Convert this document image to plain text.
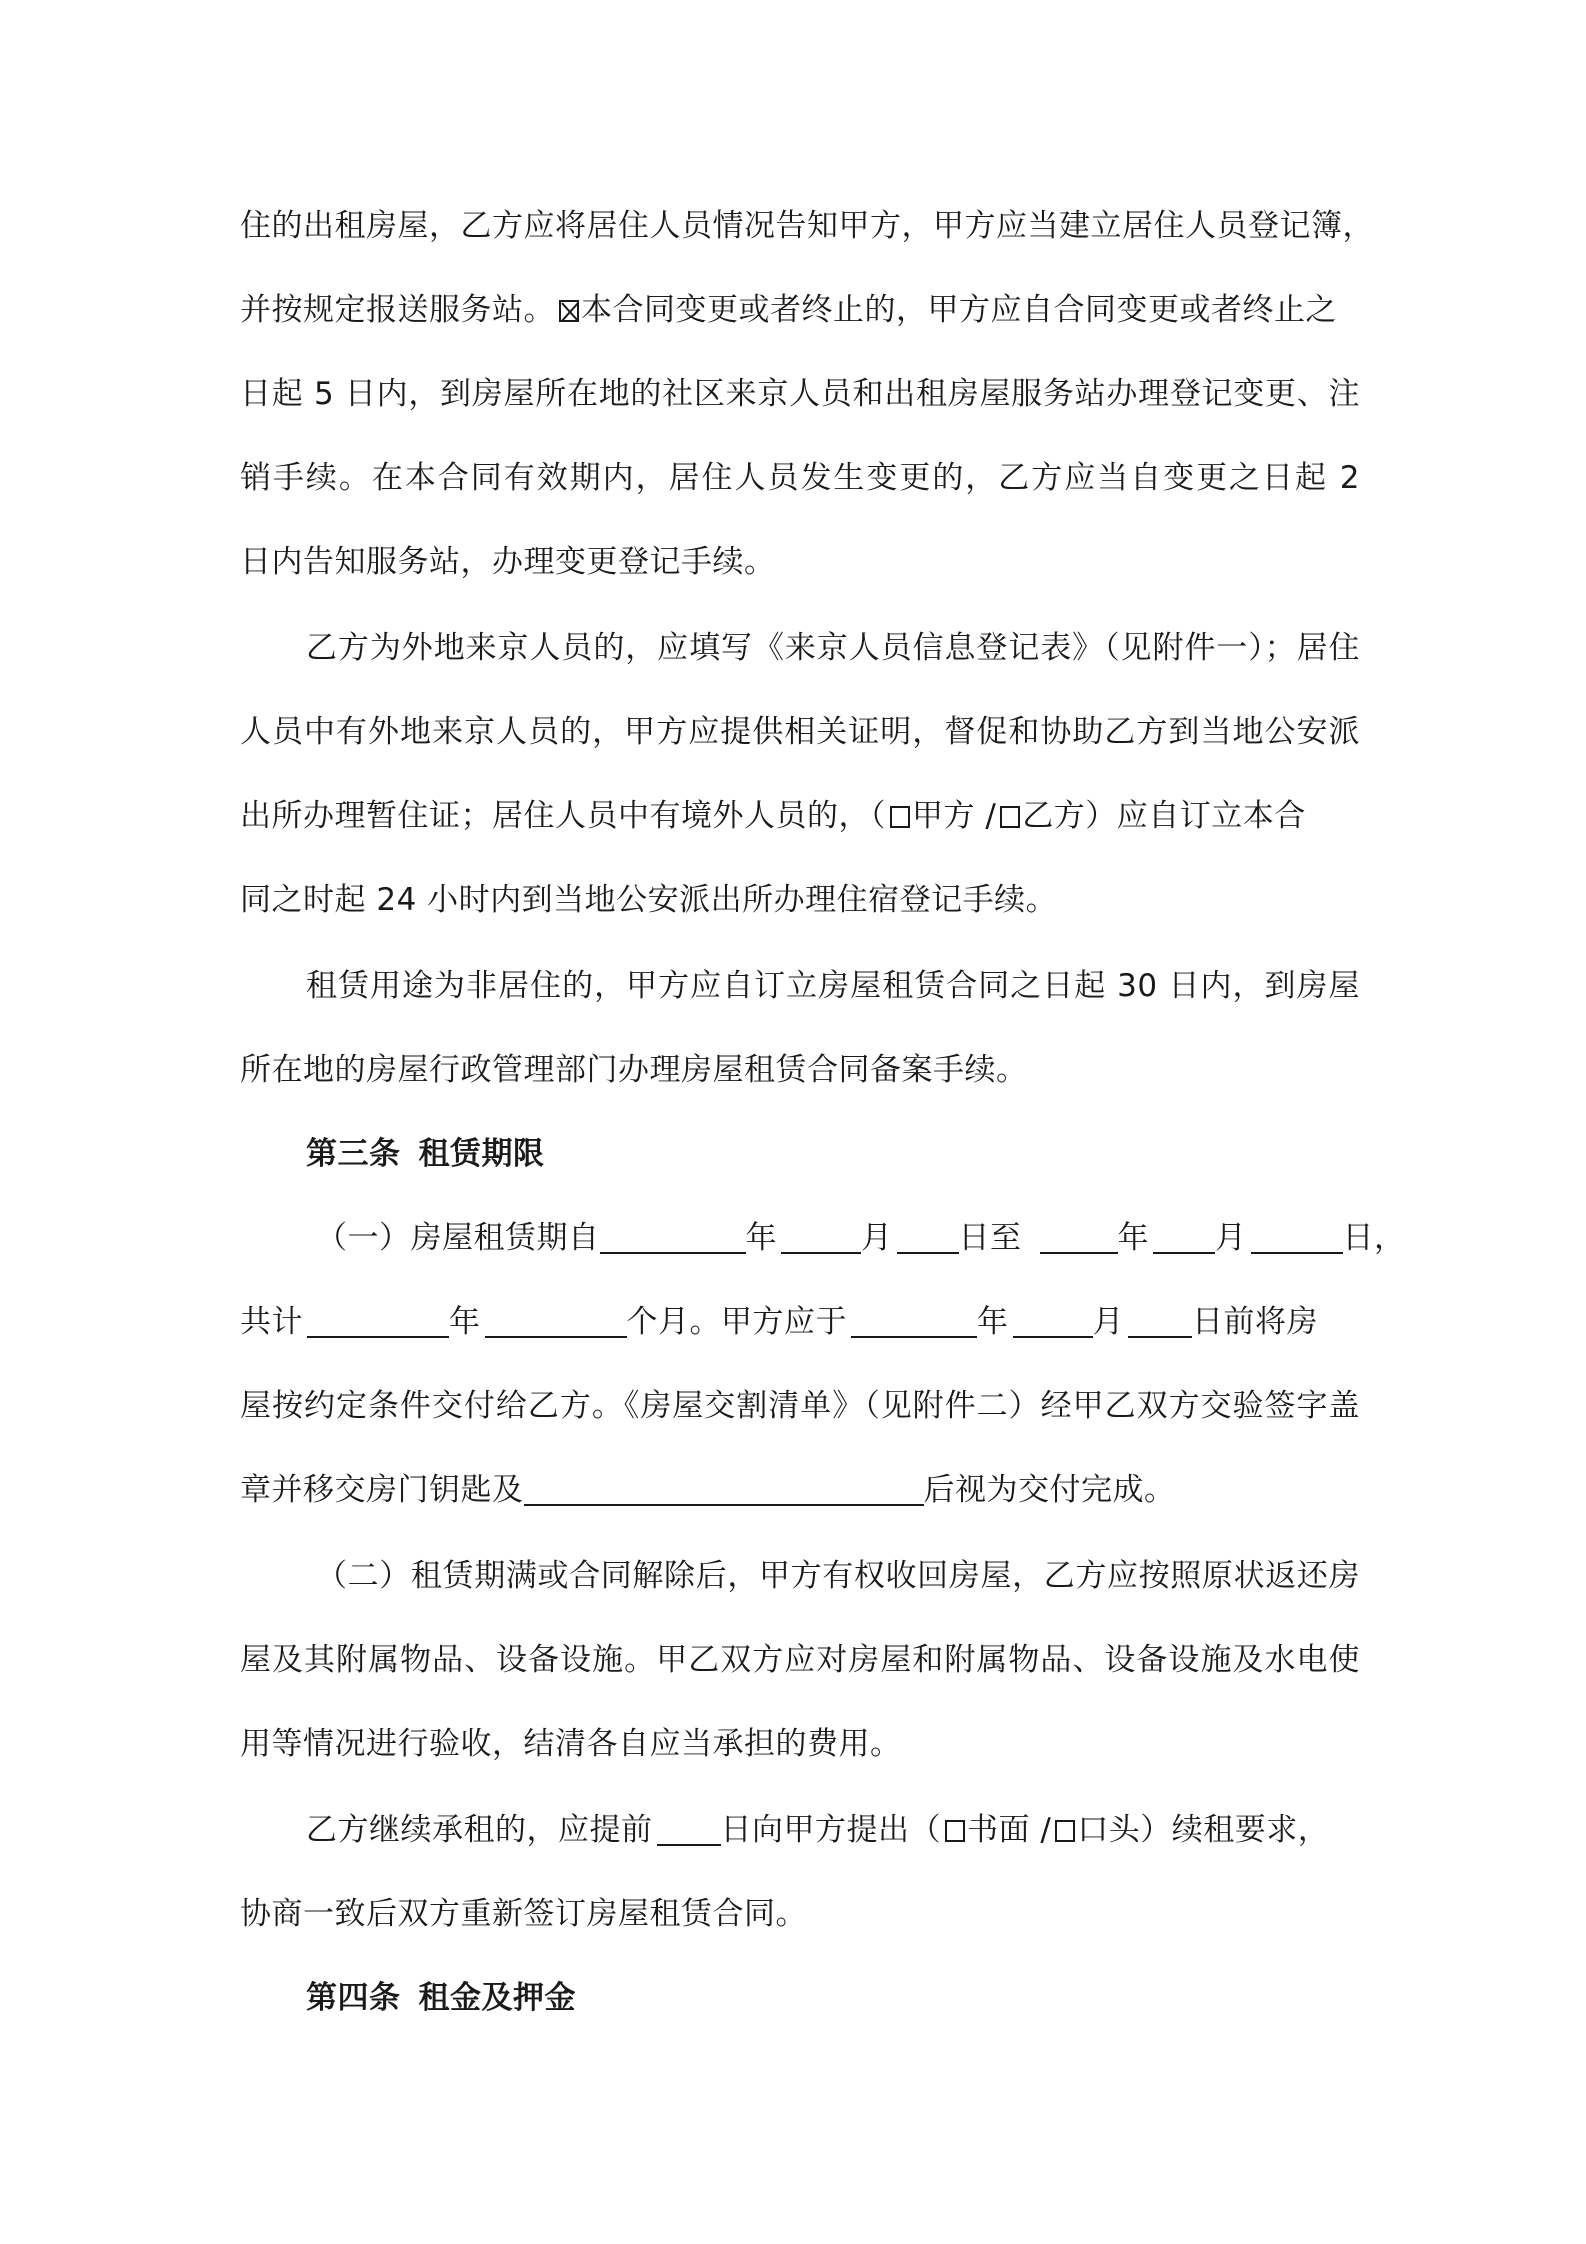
住的出租房屋，乙方应将居住人员情况告知甲方，甲方应当建立居住人员登记簿，
并按规定报送服务站。 本合同变更或者终止的，甲方应自合同变更或者终止之
日起 5 日内，到房屋所在地的社区来京人员和出租房屋服务站办理登记变更、注
销手续。在本合同有效期内，居住人员发生变更的，乙方应当自变更之日起 2
日内告知服务站，办理变更登记手续。
乙方为外地来京人员的，应填写《来京人员信息登记表》（见附件一）；居住
人员中有外地来京人员的，甲方应提供相关证明，督促和协助乙方到当地公安派
出所办理暂住证；居住人员中有境外人员的，（ 甲方 / 乙方）应自订立本合
同之时起 24 小时内到当地公安派出所办理住宿登记手续。
租赁用途为非居住的，甲方应自订立房屋租赁合同之日起 30 日内，到房屋
所在地的房屋行政管理部门办理房屋租赁合同备案手续。
第三条 租赁期限
（一）房屋租赁期自	年	月 日至	年 月	日，
共计	年	个月。甲方应于	年	月 日前将房
屋按约定条件交付给乙方。《房屋交割清单》（见附件二）经甲乙双方交验签字盖
章并移交房门钥匙及	后视为交付完成。
（二）租赁期满或合同解除后，甲方有权收回房屋，乙方应按照原状返还房
屋及其附属物品、设备设施。甲乙双方应对房屋和附属物品、设备设施及水电使
用等情况进行验收，结清各自应当承担的费用。
乙方继续承租的，应提前 日向甲方提出（ 书面 / 口头）续租要求，
协商一致后双方重新签订房屋租赁合同。
第四条 租金及押金
